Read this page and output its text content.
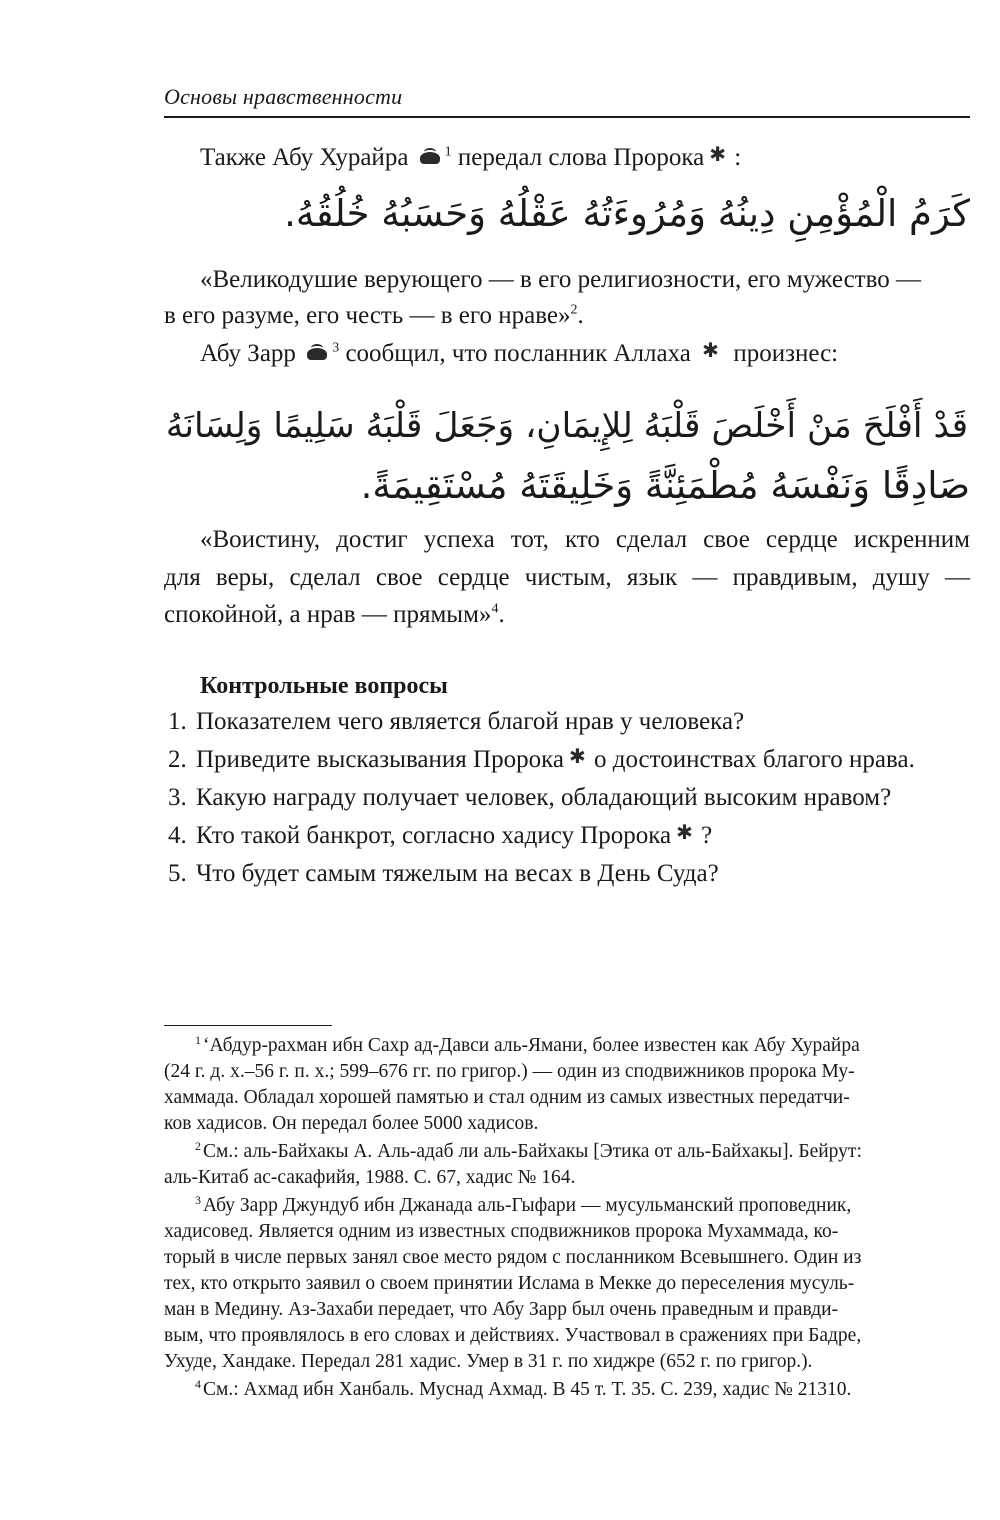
Основы нравственности
Также Абу Хурайра	$^1$ передал слова Пророка ✱ :
كَرَمُ الْمُؤْمِنِ دِينُهُ وَمُرُوءَتُهُ عَقْلُهُ وَحَسَبُهُ خُلُقُهُ.
«Великодушие верующего — в его религиозности, его мужество —
в его разуме, его честь — в его нраве»$^2$.
Абу Зарр	$^3$ сообщил, что посланник Аллаха ✱ произнес:
قَدْ أَفْلَحَ مَنْ أَخْلَصَ قَلْبَهُ لِلإِيمَانِ، وَجَعَلَ قَلْبَهُ سَلِيمًا وَلِسَانَهُ
صَادِقًا وَنَفْسَهُ مُطْمَئِنَّةً وَخَلِيقَتَهُ مُسْتَقِيمَةً.
«Воистину, достиг успеха тот, кто сделал свое сердце искренним
для веры, сделал свое сердце чистым, язык — правдивым, душу —
спокойной, а нрав — прямым»$^4$.
Контрольные вопросы
1. Показателем чего является благой нрав у человека?
2. Приведите высказывания Пророка ✱ о достоинствах благого нрава.
3. Какую награду получает человек, обладающий высоким нравом?
4. Кто такой банкрот, согласно хадису Пророка ✱ ?
5. Что будет самым тяжелым на весах в День Суда?
$^1$ ‘Абдур-рахман ибн Сахр ад-Давси аль-Ямани, более известен как Абу Хурайра
(24 г. д. х.–56 г. п. х.; 599–676 гг. по григор.) — один из сподвижников пророка Му-
хаммада. Обладал хорошей памятью и стал одним из самых известных передатчи-
ков хадисов. Он передал более 5000 хадисов.
$^2$ См.: аль-Байхакы А. Аль-адаб ли аль-Байхакы [Этика от аль-Байхакы]. Бейрут:
аль-Китаб ас-сакафийя, 1988. С. 67, хадис № 164.
$^3$ Абу Зарр Джундуб ибн Джанада аль-Гыфари — мусульманский проповедник,
хадисовед. Является одним из известных сподвижников пророка Мухаммада, ко-
торый в числе первых занял свое место рядом с посланником Всевышнего. Один из
тех, кто открыто заявил о своем принятии Ислама в Мекке до переселения мусуль-
ман в Медину. Аз-Захаби передает, что Абу Зарр был очень праведным и правди-
вым, что проявлялось в его словах и действиях. Участвовал в сражениях при Бадре,
Ухуде, Хандаке. Передал 281 хадис. Умер в 31 г. по хиджре (652 г. по григор.).
$^4$ См.: Ахмад ибн Ханбаль. Муснад Ахмад. В 45 т. Т. 35. С. 239, хадис № 21310.
